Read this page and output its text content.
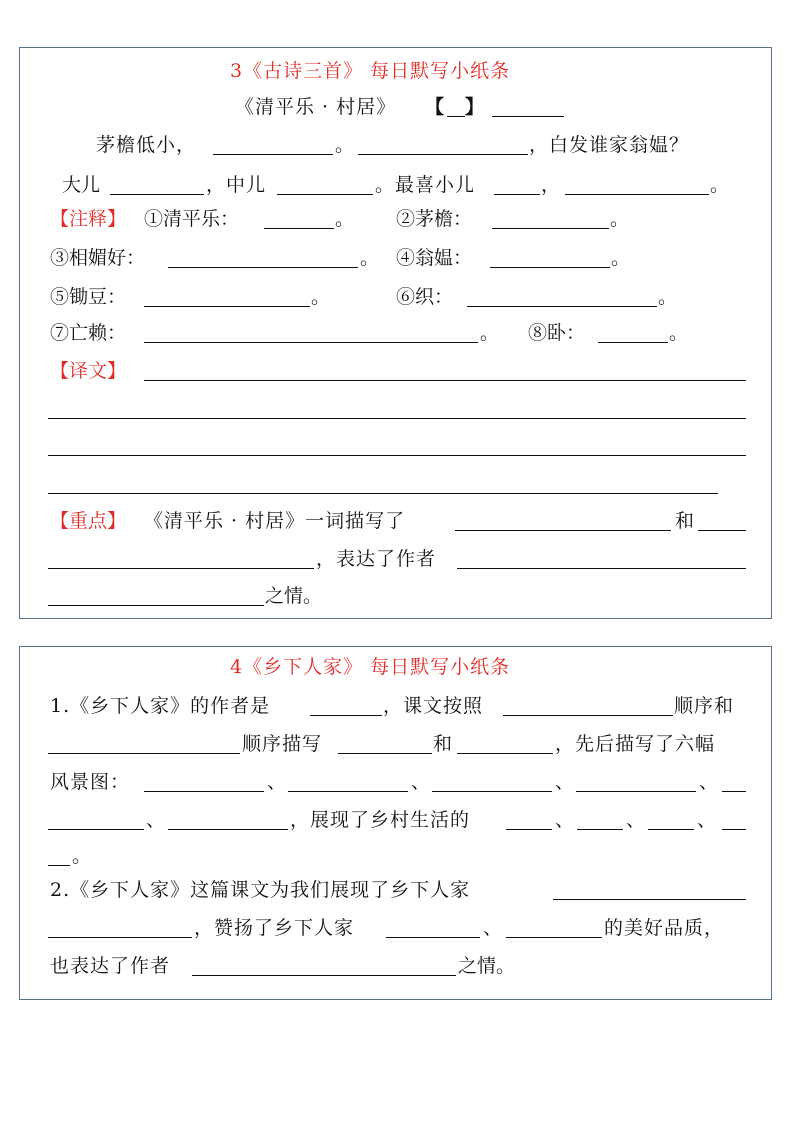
3《古诗三首》 每日默写小纸条
《清平乐 · 村居》 【 】
茅檐低小，	。	，白发谁家翁媪？
大儿	，中儿	。最喜小儿	，	。
【注释】 ①清平乐：	。 ②茅檐：	。
③相媚好：	。 ④翁媪：	。
⑤锄豆：	。	⑥织：	。
⑦亡赖：	。 ⑧卧：	。
【译文】
【重点】 《清平乐 · 村居》一词描写了	和
，表达了作者
之情。
4《乡下人家》 每日默写小纸条
1.《乡下人家》的作者是	，课文按照	顺序和
顺序描写	和	，先后描写了六幅
风景图：	、	、	、	、
、	，展现了乡村生活的	、	、	、
。
2.《乡下人家》这篇课文为我们展现了乡下人家
，赞扬了乡下人家	、	的美好品质，
也表达了作者	之情。
